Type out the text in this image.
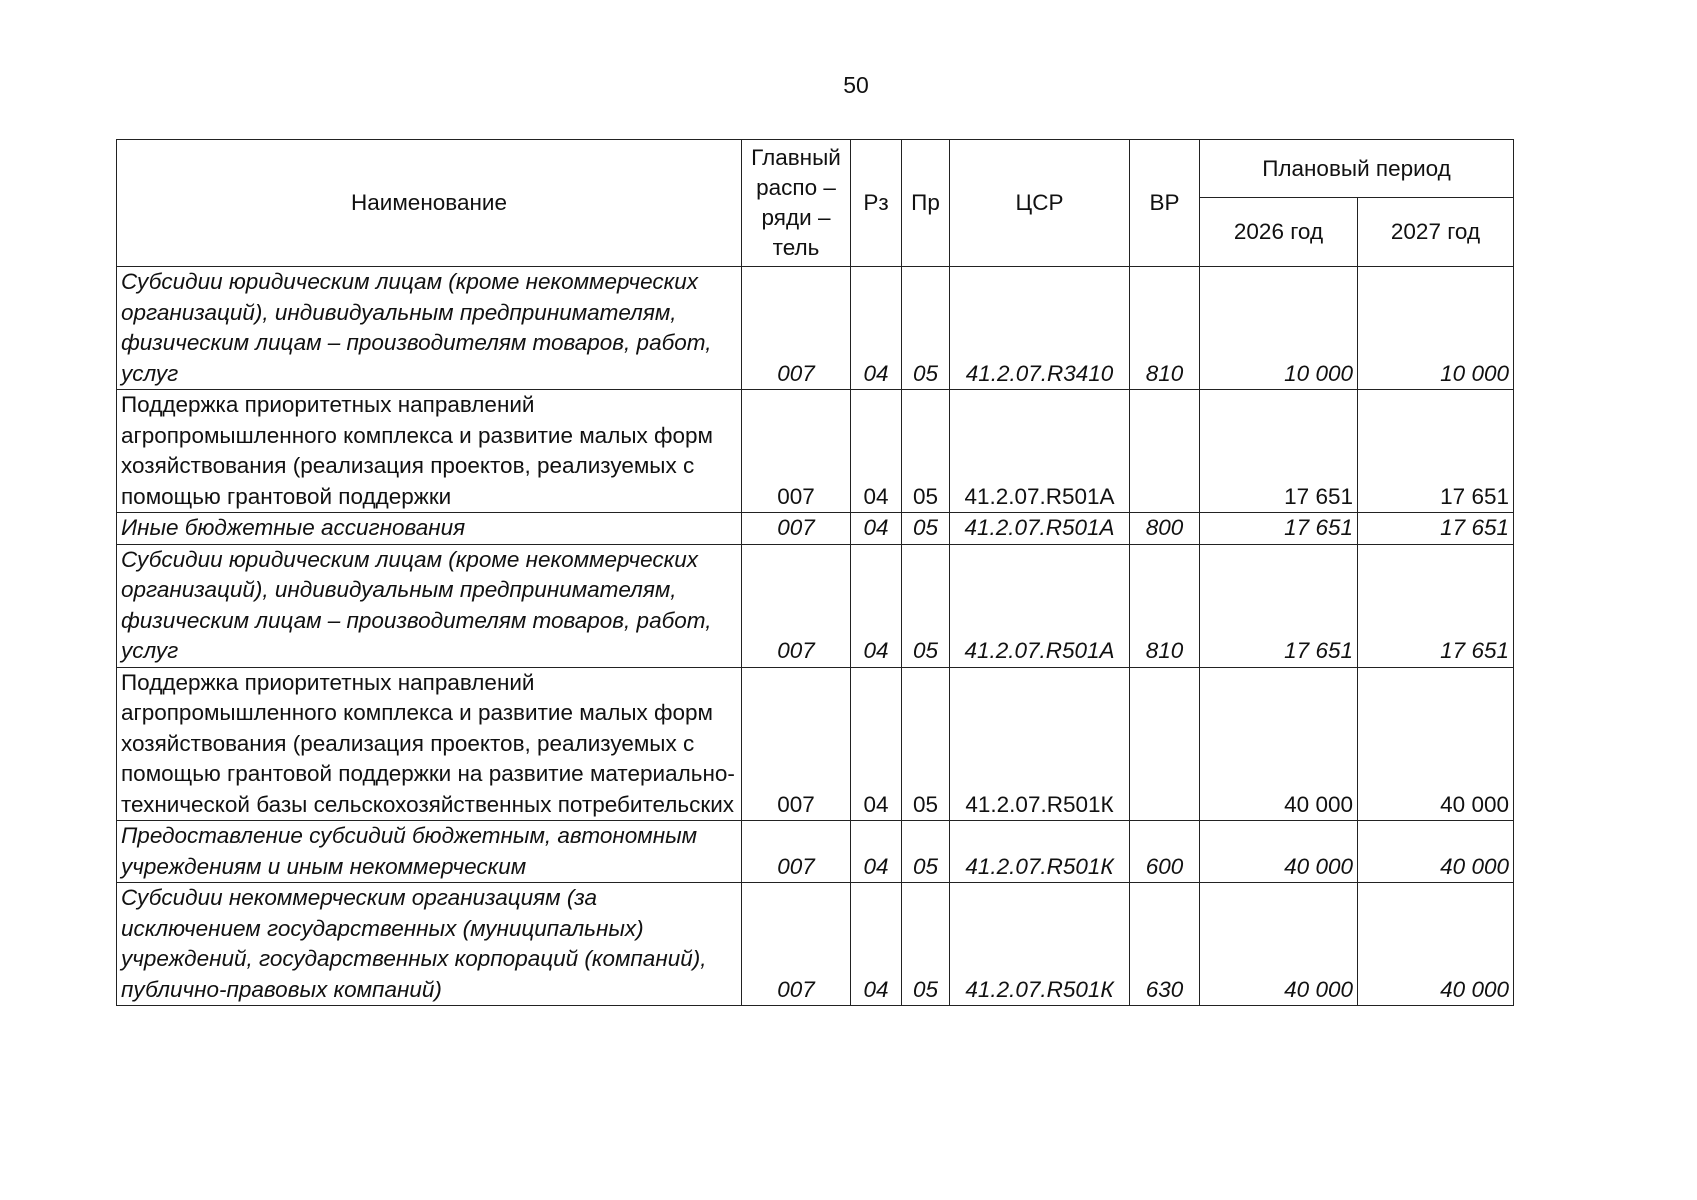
50
Наименование	Главный распо – ряди – тель	Рз	Пр	ЦСР	ВР	Плановый период	
						2026 год	2027 год
Субсидии юридическим лицам (кроме некоммерческих организаций), индивидуальным предпринимателям, физическим лицам – производителям товаров, работ, услуг	007	04	05	41.2.07.R3410	810	10 000	10 000
Поддержка приоритетных направлений агропромышленного комплекса и развитие малых форм хозяйствования (реализация проектов, реализуемых с помощью грантовой поддержки	007	04	05	41.2.07.R501А		17 651	17 651
Иные бюджетные ассигнования	007	04	05	41.2.07.R501А	800	17 651	17 651
Субсидии юридическим лицам (кроме некоммерческих организаций), индивидуальным предпринимателям, физическим лицам – производителям товаров, работ, услуг	007	04	05	41.2.07.R501А	810	17 651	17 651
Поддержка приоритетных направлений агропромышленного комплекса и развитие малых форм хозяйствования (реализация проектов, реализуемых с помощью грантовой поддержки на развитие материально-технической базы сельскохозяйственных потребительских	007	04	05	41.2.07.R501К		40 000	40 000
Предоставление субсидий бюджетным, автономным учреждениям и иным некоммерческим	007	04	05	41.2.07.R501К	600	40 000	40 000
Субсидии некоммерческим организациям (за исключением государственных (муниципальных) учреждений, государственных корпораций (компаний), публично-правовых компаний)	007	04	05	41.2.07.R501К	630	40 000	40 000
